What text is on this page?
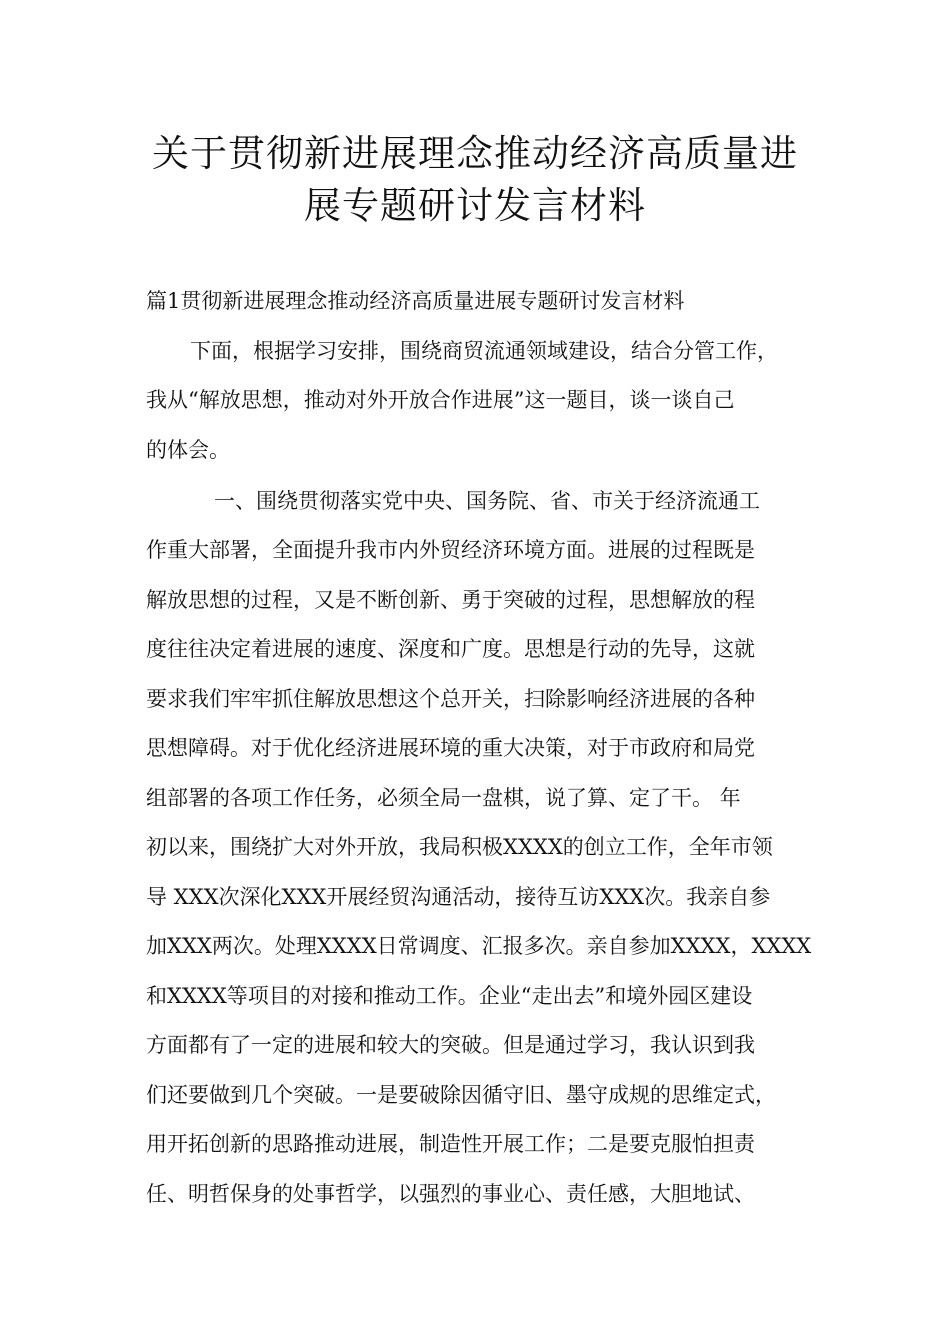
关于贯彻新进展理念推动经济高质量进
展专题研讨发言材料

篇1贯彻新进展理念推动经济高质量进展专题研讨发言材料

下面，根据学习安排，围绕商贸流通领域建设，结合分管工作，

我从“解放思想，推动对外开放合作进展”这一题目，谈一谈自己

的体会。

一、围绕贯彻落实党中央、国务院、省、市关于经济流通工

作重大部署，全面提升我市内外贸经济环境方面。进展的过程既是

解放思想的过程，又是不断创新、勇于突破的过程，思想解放的程

度往往决定着进展的速度、深度和广度。思想是行动的先导，这就

要求我们牢牢抓住解放思想这个总开关，扫除影响经济进展的各种

思想障碍。对于优化经济进展环境的重大决策，对于市政府和局党

组部署的各项工作任务，必须全局一盘棋，说了算、定了干。 年

初以来，围绕扩大对外开放，我局积极XXXX的创立工作，全年市领

导 XXX次深化XXX开展经贸沟通活动，接待互访XXX次。我亲自参

加XXX两次。处理XXXX日常调度、汇报多次。亲自参加XXXX，XXXX

和XXXX等项目的对接和推动工作。企业“走出去”和境外园区建设

方面都有了一定的进展和较大的突破。但是通过学习，我认识到我

们还要做到几个突破。一是要破除因循守旧、墨守成规的思维定式，

用开拓创新的思路推动进展，制造性开展工作；二是要克服怕担责

任、明哲保身的处事哲学，以强烈的事业心、责任感，大胆地试、
